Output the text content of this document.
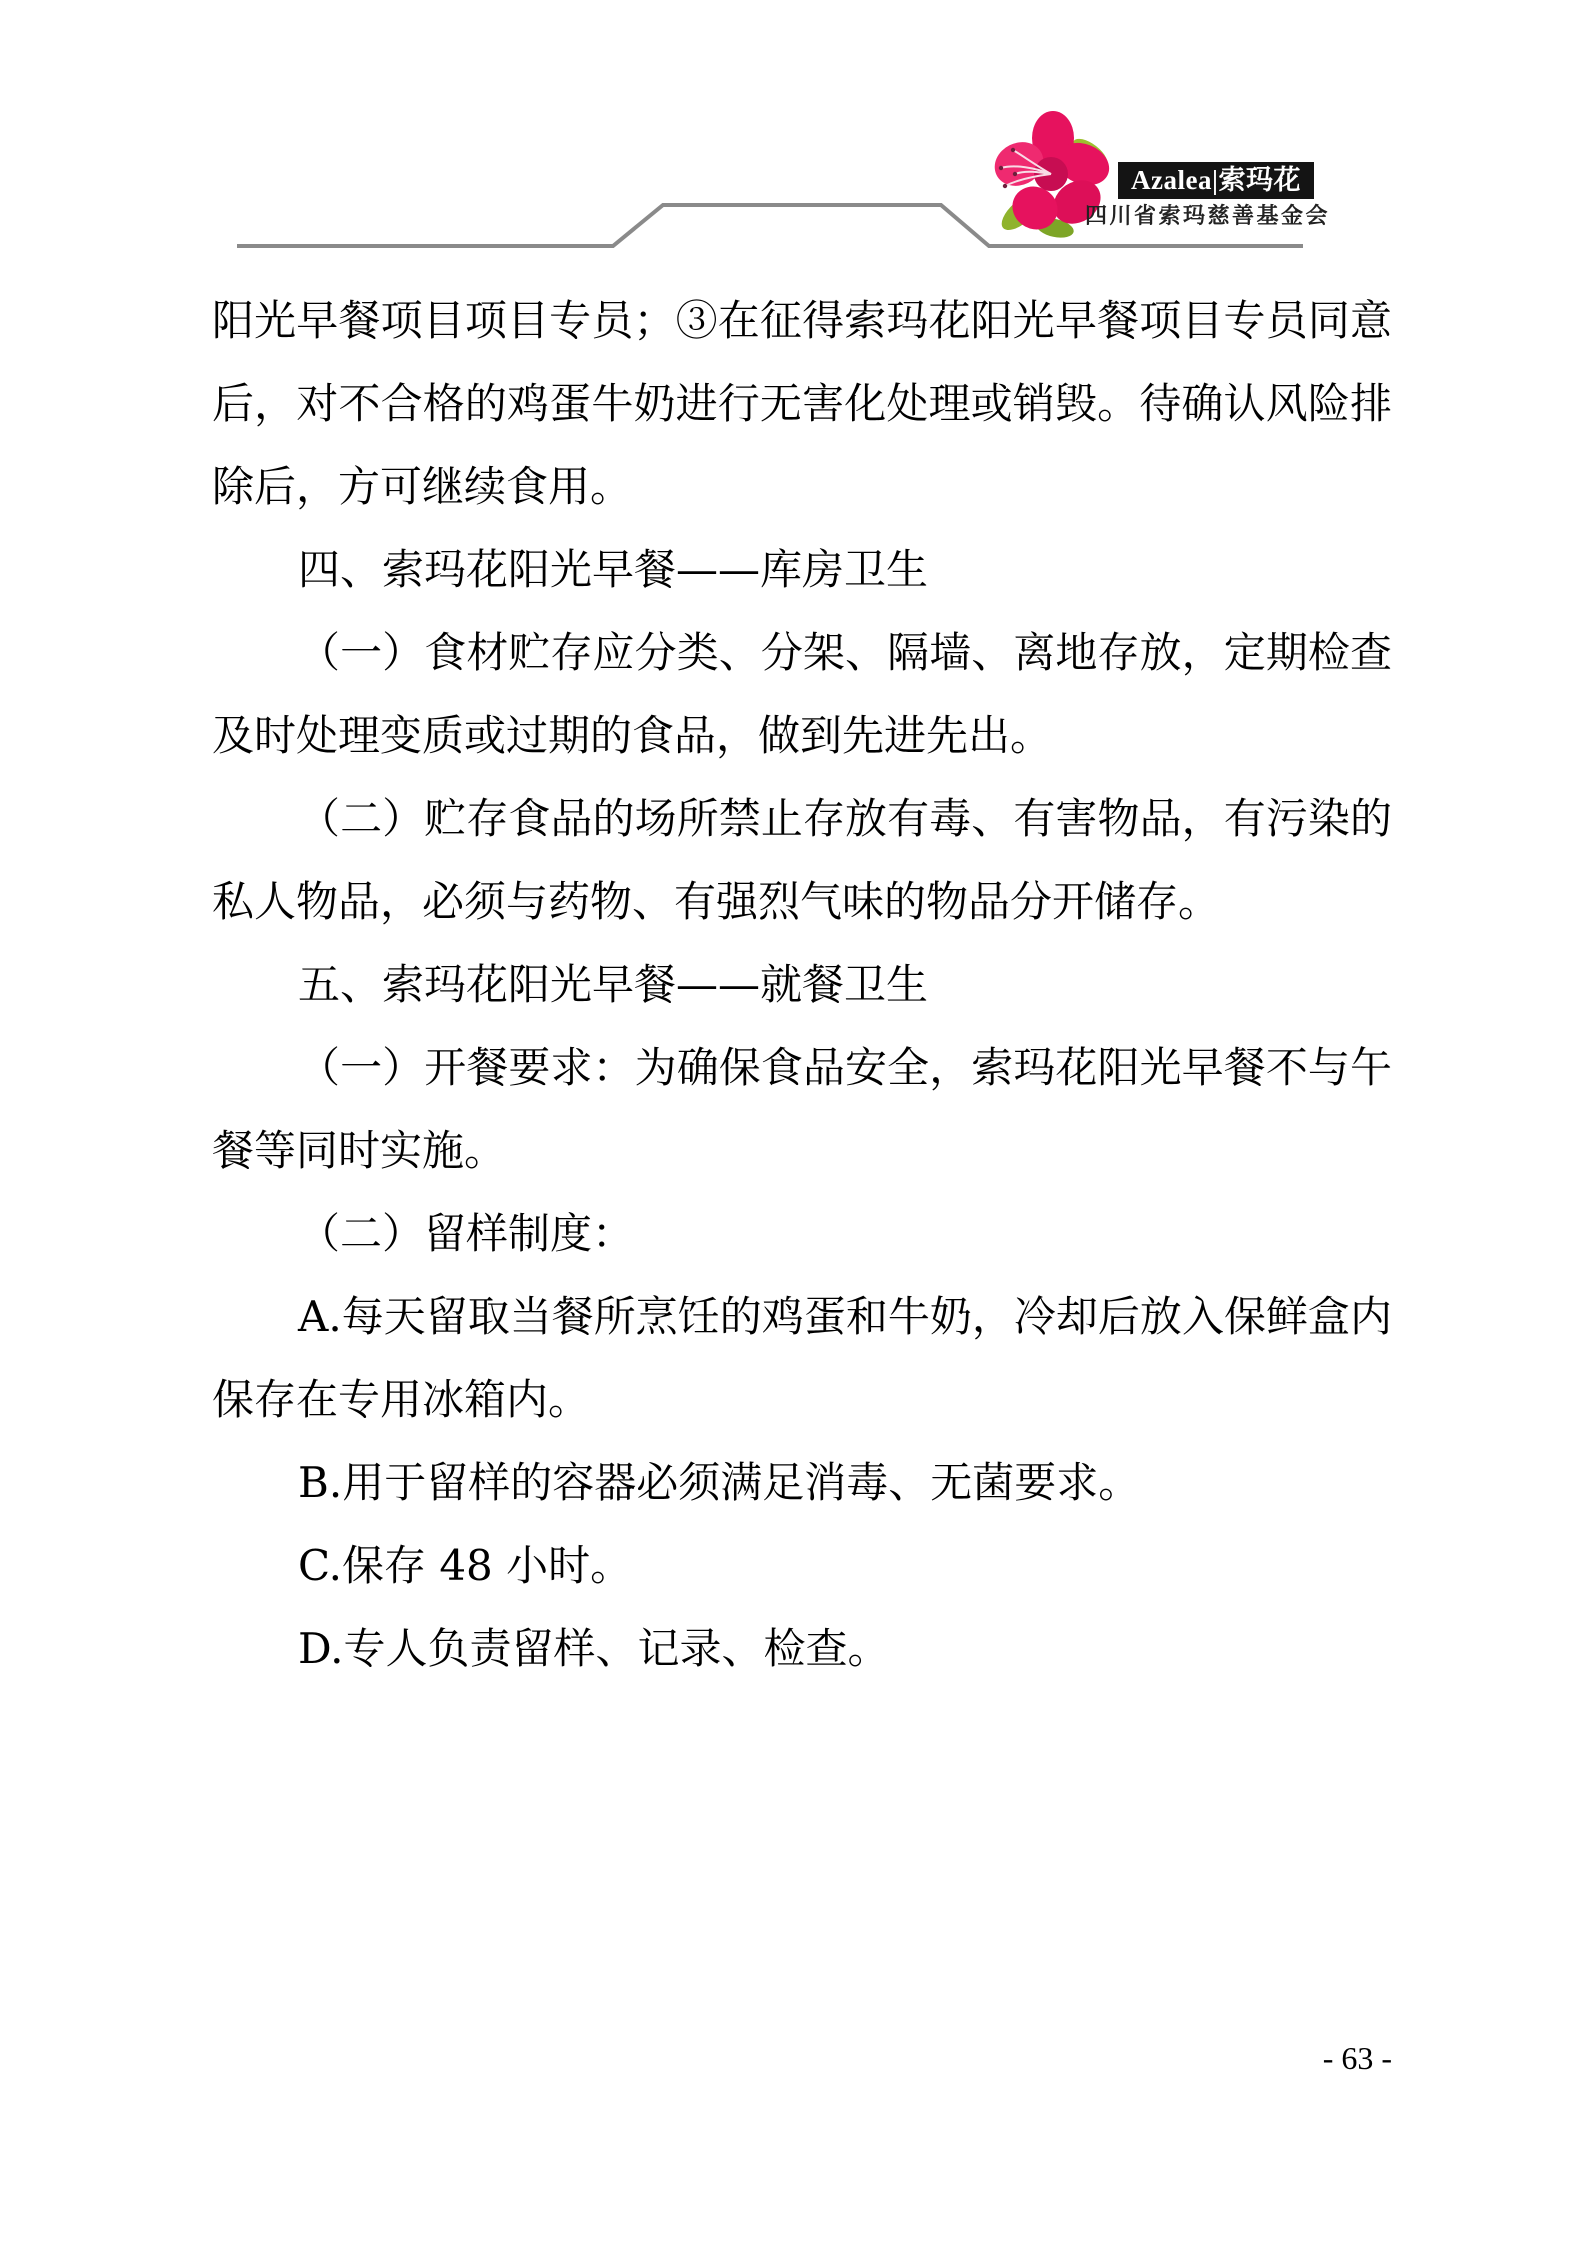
Azalea|索玛花
四川省索玛慈善基金会
阳光早餐项目项目专员；③在征得索玛花阳光早餐项目专员同意
后，对不合格的鸡蛋牛奶进行无害化处理或销毁。待确认风险排
除后，方可继续食用。
四、索玛花阳光早餐——库房卫生
（一）食材贮存应分类、分架、隔墙、离地存放，定期检查
及时处理变质或过期的食品，做到先进先出。
（二）贮存食品的场所禁止存放有毒、有害物品，有污染的
私人物品，必须与药物、有强烈气味的物品分开储存。
五、索玛花阳光早餐——就餐卫生
（一）开餐要求：为确保食品安全，索玛花阳光早餐不与午
餐等同时实施。
（二）留样制度：
A.每天留取当餐所烹饪的鸡蛋和牛奶，冷却后放入保鲜盒内
保存在专用冰箱内。
B.用于留样的容器必须满足消毒、无菌要求。
C.保存 48 小时。
D.专人负责留样、记录、检查。
- 63 -
